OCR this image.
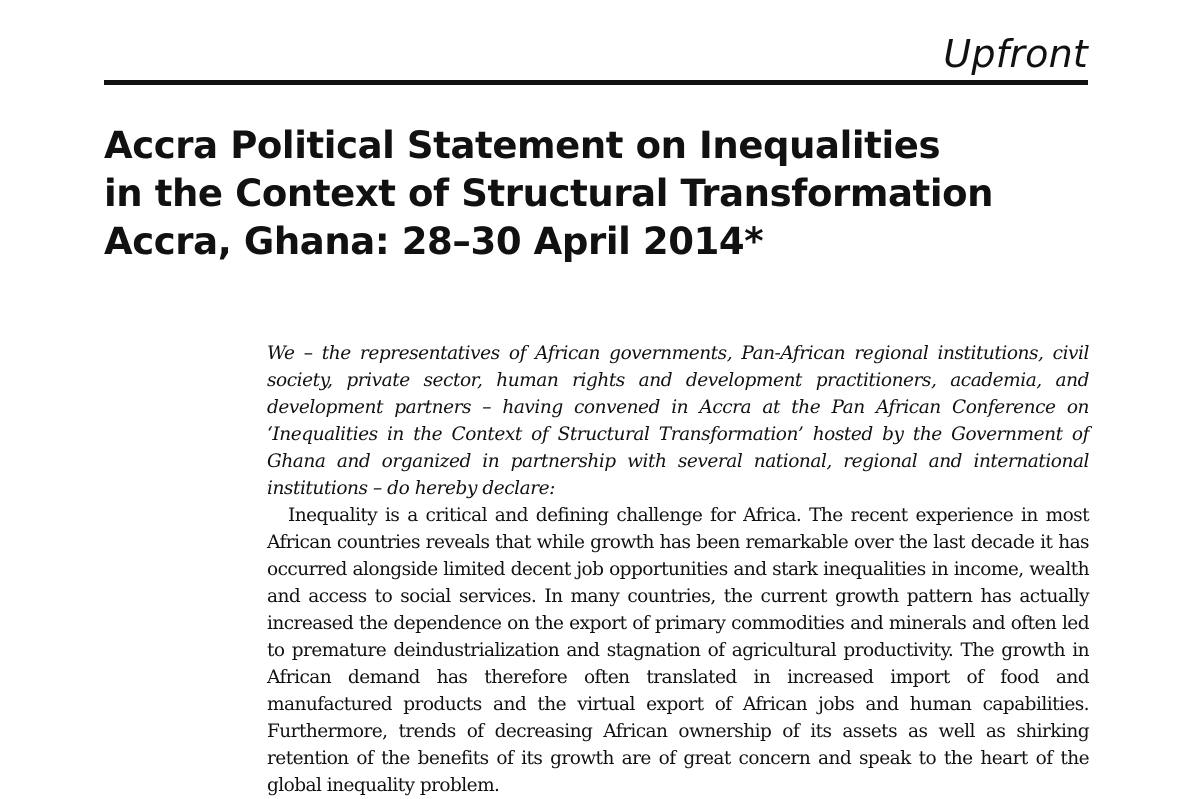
Upfront
Accra Political Statement on Inequalities
in the Context of Structural Transformation
Accra, Ghana: 28–30 April 2014*

We – the representatives of African governments, Pan-African regional institutions, civil society, private sector, human rights and development practitioners, academia, and development partners – having convened in Accra at the Pan African Conference on ‘Inequalities in the Context of Structural Transformation’ hosted by the Government of Ghana and organized in partnership with several national, regional and international institutions – do hereby declare:

Inequality is a critical and defining challenge for Africa. The recent experience in most African countries reveals that while growth has been remarkable over the last decade it has occurred alongside limited decent job opportunities and stark inequalities in income, wealth and access to social services. In many countries, the current growth pattern has actually increased the dependence on the export of primary commodities and minerals and often led to premature deindustrialization and stagnation of agricultural productivity. The growth in African demand has therefore often translated in increased import of food and manufactured products and the virtual export of African jobs and human capabilities. Furthermore, trends of decreasing African ownership of its assets as well as shirking retention of the benefits of its growth are of great concern and speak to the heart of the global inequality problem.
